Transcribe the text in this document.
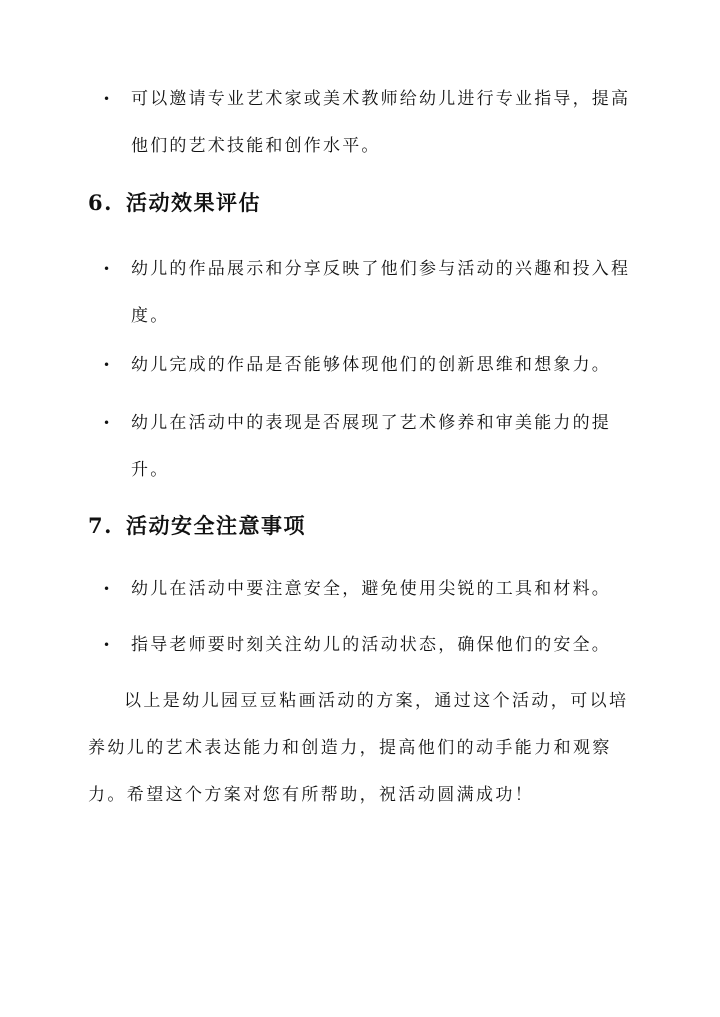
•	可以邀请专业艺术家或美术教师给幼儿进行专业指导，提高他们的艺术技能和创作水平。
6. 活动效果评估
•	幼儿的作品展示和分享反映了他们参与活动的兴趣和投入程度。
•	幼儿完成的作品是否能够体现他们的创新思维和想象力。
•	幼儿在活动中的表现是否展现了艺术修养和审美能力的提升。
7. 活动安全注意事项
•	幼儿在活动中要注意安全，避免使用尖锐的工具和材料。
•	指导老师要时刻关注幼儿的活动状态，确保他们的安全。
以上是幼儿园豆豆粘画活动的方案，通过这个活动，可以培养幼儿的艺术表达能力和创造力，提高他们的动手能力和观察力。希望这个方案对您有所帮助，祝活动圆满成功！
